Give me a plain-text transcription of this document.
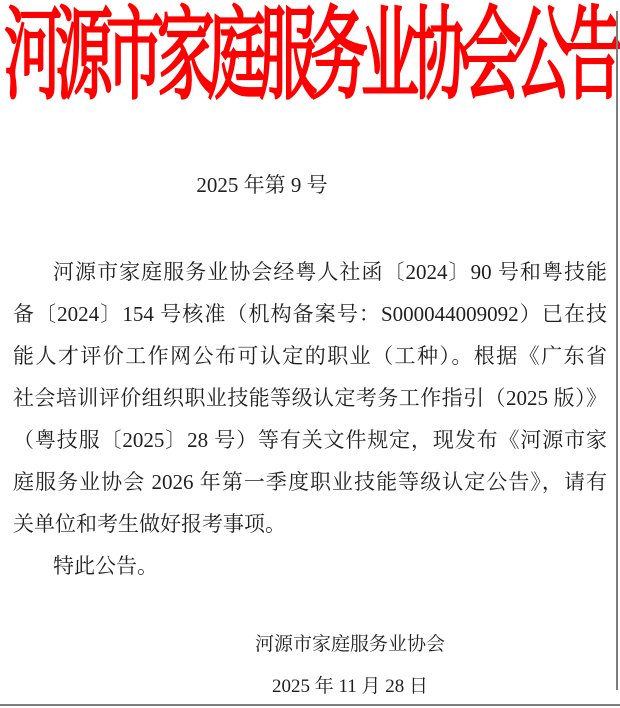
河源市家庭服务业协会公告
2025 年第 9 号
河源市家庭服务业协会经粤人社函〔2024〕90 号和粤技能
备〔2024〕154 号核准（机构备案号：S000044009092）已在技
能人才评价工作网公布可认定的职业（工种）。根据《广东省
社会培训评价组织职业技能等级认定考务工作指引（2025 版）》
（粤技服〔2025〕28 号）等有关文件规定，现发布《河源市家
庭服务业协会 2026 年第一季度职业技能等级认定公告》，请有
关单位和考生做好报考事项。
特此公告。
河源市家庭服务业协会
2025 年 11 月 28 日
